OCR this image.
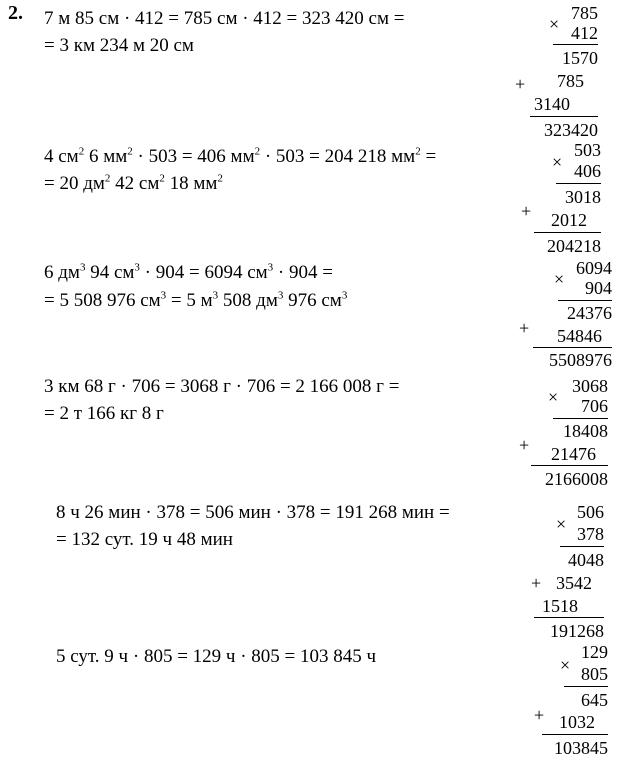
2. 7 м 85 см · 412 = 785 см · 412 = 323 420 см =
= 3 км 234 м 20 см
4 $см^2$ 6 $мм^2 \cdot 503 = 406$ $мм^2 \cdot 503 = 204$ 218 $мм^2$ =
= 20 $дм^2$ 42 $см^2$ 18 $мм^2$
6 $дм^3$ 94 $см^3 \cdot 904 = 6094$ $см^3 \cdot 904$ =
= 5 508 976 $см^3 = 5$ $м^3$ 508 $дм^3$ 976 $см^3$
3 км 68 г · 706 = 3068 г · 706 = 2 166 008 г =
= 2 т 166 кг 8 г
8 ч 26 мин · 378 = 506 мин · 378 = 191 268 мин =
= 132 сут. 19 ч 48 мин
5 сут. 9 ч · 805 = 129 ч · 805 = 103 845 ч
×
785
412
1570
+ 785
3140
323420
×
503
406
3018
+ 2012
204218
×
6094
904
24376
+ 54846
5508976
×
3068
706
18408
+ 21476
2166008
506
× 378
4048
+ 3542
1518
191268
129
× 805
645
+ 1032
103845
